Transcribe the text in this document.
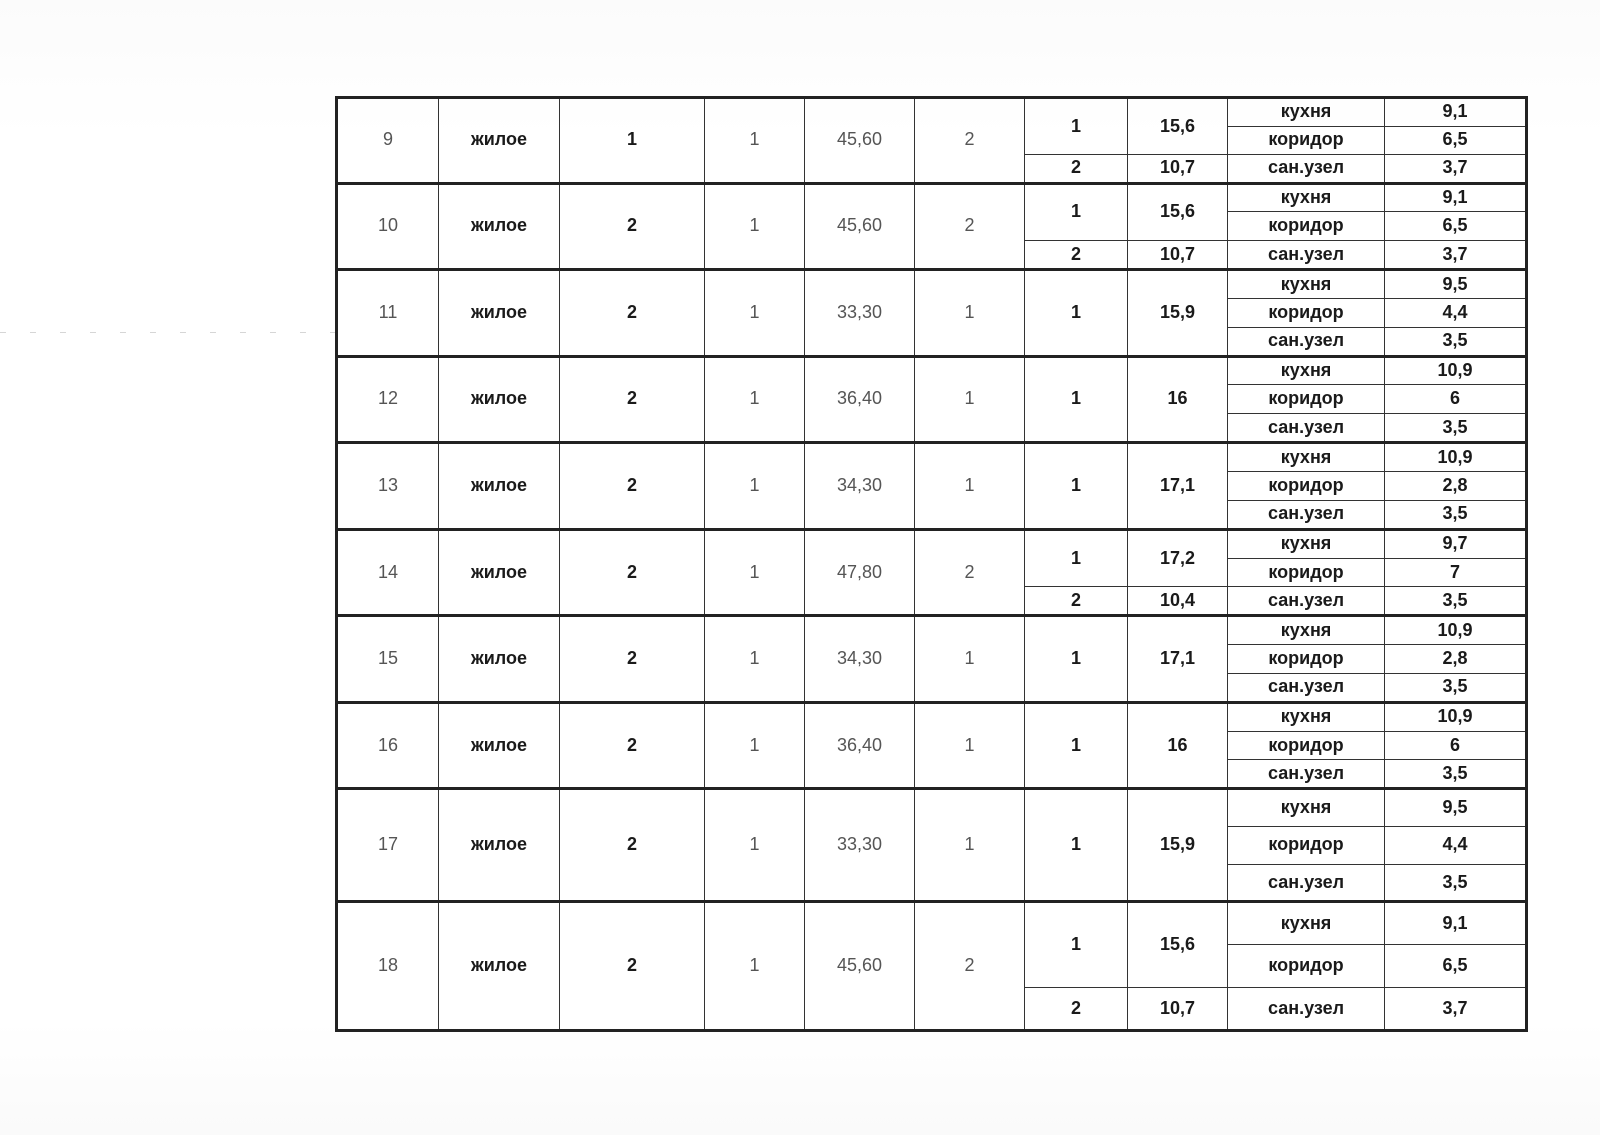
9	жилое	1	1	45,60	2	1	15,6	кухня	9,1
								коридор	6,5
						2	10,7	сан.узел	3,7
10	жилое	2	1	45,60	2	1	15,6	кухня	9,1
								коридор	6,5
						2	10,7	сан.узел	3,7
11	жилое	2	1	33,30	1	1	15,9	кухня	9,5
								коридор	4,4
								сан.узел	3,5
12	жилое	2	1	36,40	1	1	16	кухня	10,9
								коридор	6
								сан.узел	3,5
13	жилое	2	1	34,30	1	1	17,1	кухня	10,9
								коридор	2,8
								сан.узел	3,5
14	жилое	2	1	47,80	2	1	17,2	кухня	9,7
								коридор	7
						2	10,4	сан.узел	3,5
15	жилое	2	1	34,30	1	1	17,1	кухня	10,9
								коридор	2,8
								сан.узел	3,5
16	жилое	2	1	36,40	1	1	16	кухня	10,9
								коридор	6
								сан.узел	3,5
17	жилое	2	1	33,30	1	1	15,9	кухня	9,5
								коридор	4,4
								сан.узел	3,5
18	жилое	2	1	45,60	2	1	15,6	кухня	9,1
								коридор	6,5
						2	10,7	сан.узел	3,7
